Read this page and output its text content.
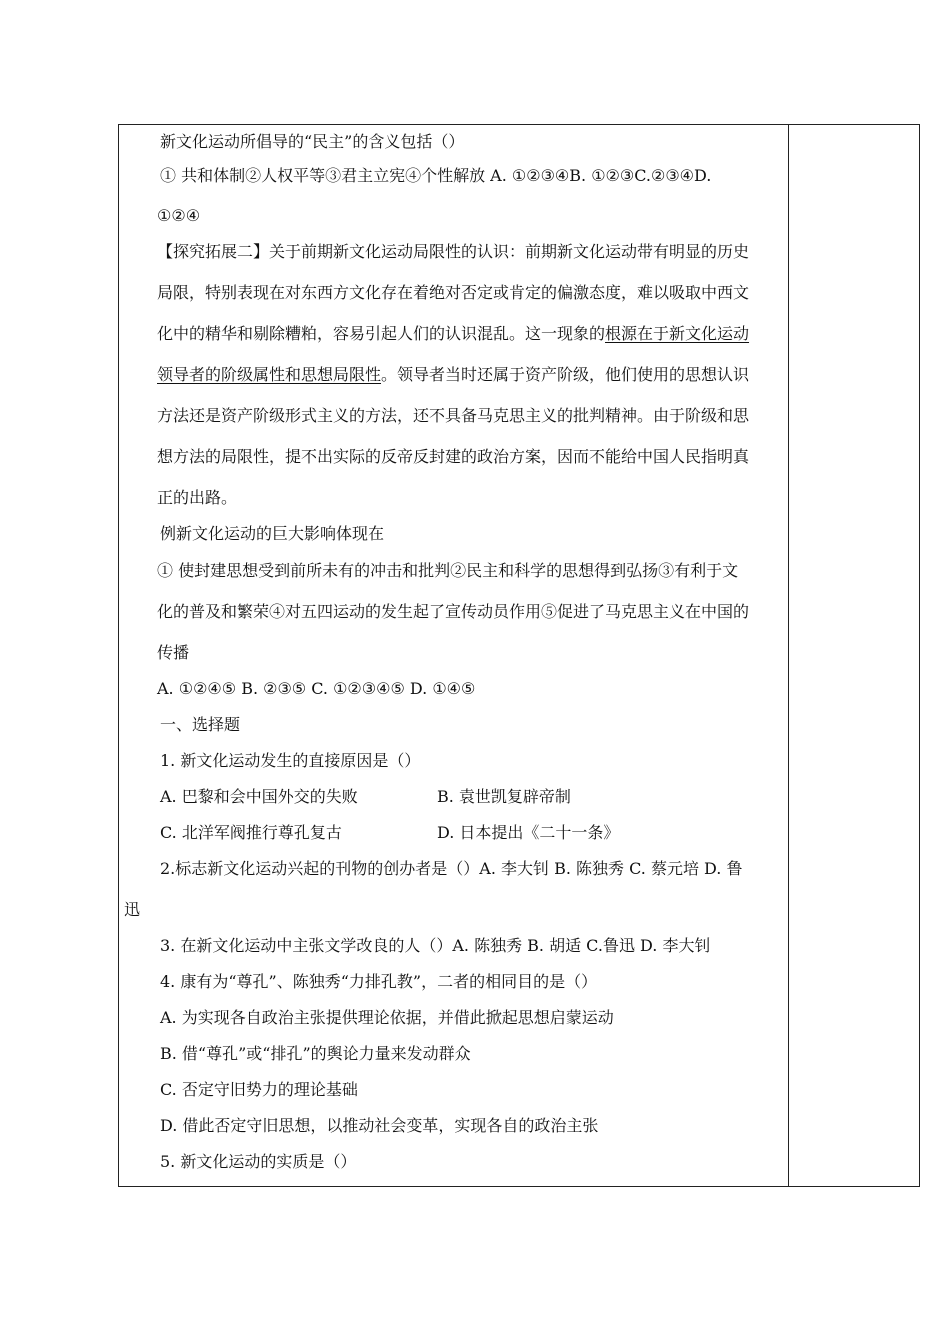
新文化运动所倡导的“民主”的含义包括（）
① 共和体制②人权平等③君主立宪④个性解放 A. ①②③④B. ①②③C.②③④D.
①②④
【探究拓展二】关于前期新文化运动局限性的认识：前期新文化运动带有明显的历史
局限，特别表现在对东西方文化存在着绝对否定或肯定的偏激态度，难以吸取中西文
化中的精华和剔除糟粕，容易引起人们的认识混乱。这一现象的根源在于新文化运动
领导者的阶级属性和思想局限性。领导者当时还属于资产阶级，他们使用的思想认识
方法还是资产阶级形式主义的方法，还不具备马克思主义的批判精神。由于阶级和思
想方法的局限性，提不出实际的反帝反封建的政治方案，因而不能给中国人民指明真
正的出路。
例新文化运动的巨大影响体现在
① 使封建思想受到前所未有的冲击和批判②民主和科学的思想得到弘扬③有利于文
化的普及和繁荣④对五四运动的发生起了宣传动员作用⑤促进了马克思主义在中国的
传播
A. ①②④⑤ B. ②③⑤ C. ①②③④⑤ D. ①④⑤
一、选择题
1. 新文化运动发生的直接原因是（）
A. 巴黎和会中国外交的失败	B. 袁世凯复辟帝制
C. 北洋军阀推行尊孔复古	D. 日本提出《二十一条》
2.标志新文化运动兴起的刊物的创办者是（）A. 李大钊 B. 陈独秀 C. 蔡元培 D. 鲁
迅
3. 在新文化运动中主张文学改良的人（）A. 陈独秀 B. 胡适 C.鲁迅 D. 李大钊
4. 康有为“尊孔”、陈独秀“力排孔教”，二者的相同目的是（）
A. 为实现各自政治主张提供理论依据，并借此掀起思想启蒙运动
B. 借“尊孔”或“排孔”的舆论力量来发动群众
C. 否定守旧势力的理论基础
D. 借此否定守旧思想，以推动社会变革，实现各自的政治主张
5. 新文化运动的实质是（）
